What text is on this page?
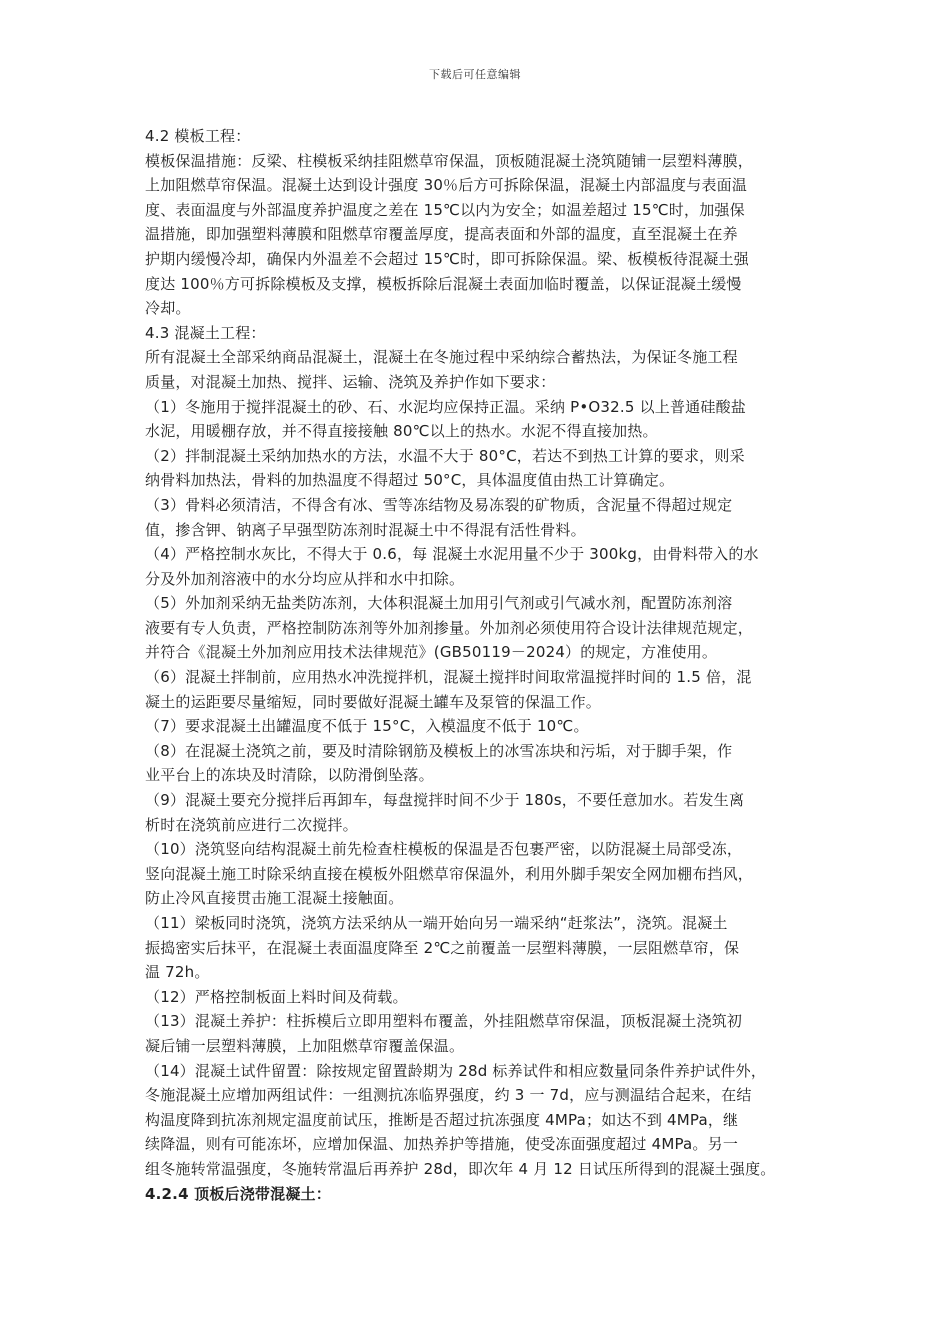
下载后可任意编辑
4.2 模板工程：
模板保温措施：反梁、柱模板采纳挂阻燃草帘保温，顶板随混凝土浇筑随铺一层塑料薄膜，
上加阻燃草帘保温。混凝土达到设计强度 30％后方可拆除保温，混凝土内部温度与表面温
度、表面温度与外部温度养护温度之差在 15℃以内为安全；如温差超过 15℃时，加强保
温措施，即加强塑料薄膜和阻燃草帘覆盖厚度，提高表面和外部的温度，直至混凝土在养
护期内缓慢冷却，确保内外温差不会超过 15℃时，即可拆除保温。梁、板模板待混凝土强
度达 100％方可拆除模板及支撑，模板拆除后混凝土表面加临时覆盖，以保证混凝土缓慢
冷却。
4.3 混凝土工程：
所有混凝土全部采纳商品混凝土，混凝土在冬施过程中采纳综合蓄热法，为保证冬施工程
质量，对混凝土加热、搅拌、运输、浇筑及养护作如下要求：
（1）冬施用于搅拌混凝土的砂、石、水泥均应保持正温。采纳 P•O32.5 以上普通硅酸盐
水泥，用暖棚存放，并不得直接接触 80℃以上的热水。水泥不得直接加热。
（2）拌制混凝土采纳加热水的方法，水温不大于 80°C，若达不到热工计算的要求，则采
纳骨料加热法，骨料的加热温度不得超过 50°C，具体温度值由热工计算确定。
（3）骨料必须清洁，不得含有冰、雪等冻结物及易冻裂的矿物质，含泥量不得超过规定
值，掺含钾、钠离子早强型防冻剂时混凝土中不得混有活性骨料。
（4）严格控制水灰比，不得大于 0.6，每 混凝土水泥用量不少于 300kg，由骨料带入的水
分及外加剂溶液中的水分均应从拌和水中扣除。
（5）外加剂采纳无盐类防冻剂，大体积混凝土加用引气剂或引气减水剂，配置防冻剂溶
液要有专人负责，严格控制防冻剂等外加剂掺量。外加剂必须使用符合设计法律规范规定，
并符合《混凝土外加剂应用技术法律规范》(GB50119－2024）的规定，方准使用。
（6）混凝土拌制前，应用热水冲洗搅拌机，混凝土搅拌时间取常温搅拌时间的 1.5 倍，混
凝土的运距要尽量缩短，同时要做好混凝土罐车及泵管的保温工作。
（7）要求混凝土出罐温度不低于 15°C，入模温度不低于 10℃。
（8）在混凝土浇筑之前，要及时清除钢筋及模板上的冰雪冻块和污垢，对于脚手架，作
业平台上的冻块及时清除，以防滑倒坠落。
（9）混凝土要充分搅拌后再卸车，每盘搅拌时间不少于 180s，不要任意加水。若发生离
析时在浇筑前应进行二次搅拌。
（10）浇筑竖向结构混凝土前先检查柱模板的保温是否包裹严密，以防混凝土局部受冻，
竖向混凝土施工时除采纳直接在模板外阻燃草帘保温外，利用外脚手架安全网加棚布挡风，
防止冷风直接贯击施工混凝土接触面。
（11）梁板同时浇筑，浇筑方法采纳从一端开始向另一端采纳“赶浆法”，浇筑。混凝土
振捣密实后抹平，在混凝土表面温度降至 2℃之前覆盖一层塑料薄膜，一层阻燃草帘，保
温 72h。
（12）严格控制板面上料时间及荷载。
（13）混凝土养护：柱拆模后立即用塑料布覆盖，外挂阻燃草帘保温，顶板混凝土浇筑初
凝后铺一层塑料薄膜，上加阻燃草帘覆盖保温。
（14）混凝土试件留置：除按规定留置龄期为 28d 标养试件和相应数量同条件养护试件外，
冬施混凝土应增加两组试件：一组测抗冻临界强度，约 3 一 7d，应与测温结合起来，在结
构温度降到抗冻剂规定温度前试压，推断是否超过抗冻强度 4MPa；如达不到 4MPa，继
续降温，则有可能冻坏，应增加保温、加热养护等措施，使受冻面强度超过 4MPa。另一
组冬施转常温强度，冬施转常温后再养护 28d，即次年 4 月 12 日试压所得到的混凝土强度。
4.2.4 顶板后浇带混凝土：
